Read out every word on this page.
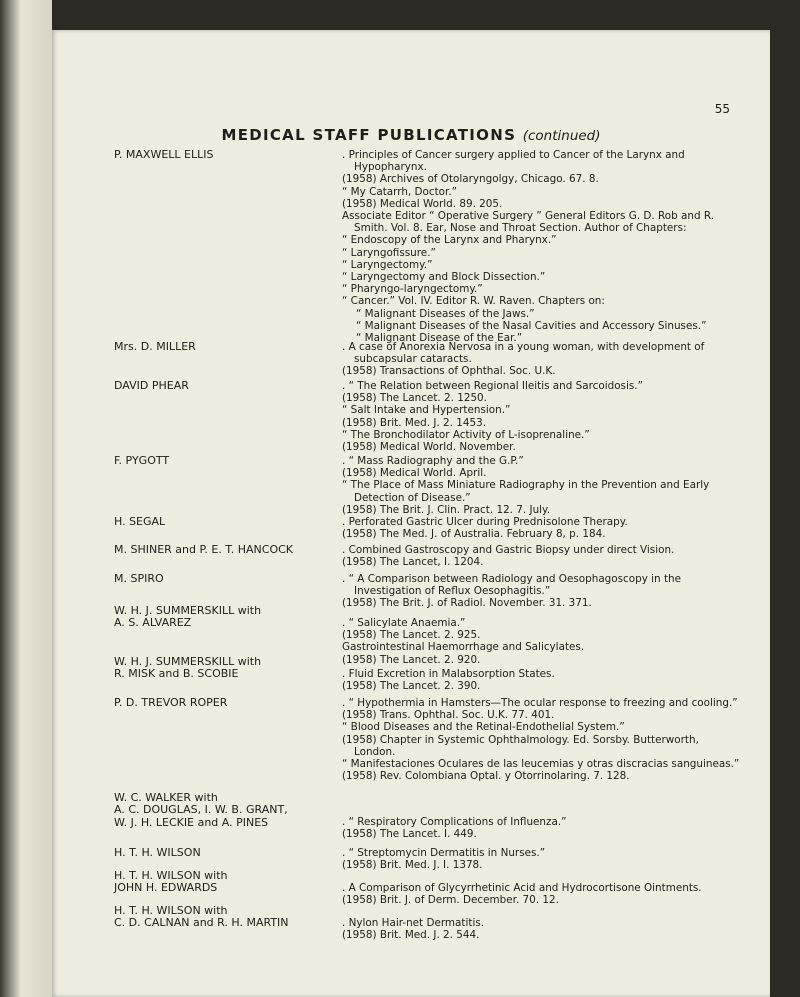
55
MEDICAL STAFF PUBLICATIONS (continued)
P. MAXWELL ELLIS	. Principles of Cancer surgery applied to Cancer of the Larynx and Hypopharynx.
(1958) Archives of Otolaryngolgy, Chicago. 67. 8.
“ My Catarrh, Doctor.”
(1958) Medical World. 89. 205.
Associate Editor “ Operative Surgery ” General Editors G. D. Rob and R. Smith. Vol. 8. Ear, Nose and Throat Section. Author of Chapters:
“ Endoscopy of the Larynx and Pharynx.”
“ Laryngofissure.”
“ Laryngectomy.”
“ Laryngectomy and Block Dissection.”
“ Pharyngo-laryngectomy.”
“ Cancer.” Vol. IV. Editor R. W. Raven. Chapters on:
“ Malignant Diseases of the Jaws.”
“ Malignant Diseases of the Nasal Cavities and Accessory Sinuses.”
“ Malignant Disease of the Ear.”
Mrs. D. MILLER	. A case of Anorexia Nervosa in a young woman, with development of subcapsular cataracts.
(1958) Transactions of Ophthal. Soc. U.K.
DAVID PHEAR	. “ The Relation between Regional Ileitis and Sarcoidosis.”
(1958) The Lancet. 2. 1250.
“ Salt Intake and Hypertension.”
(1958) Brit. Med. J. 2. 1453.
“ The Bronchodilator Activity of L-isoprenaline.”
(1958) Medical World. November.
F. PYGOTT	. “ Mass Radiography and the G.P.”
(1958) Medical World. April.
“ The Place of Mass Miniature Radiography in the Prevention and Early Detection of Disease.”
(1958) The Brit. J. Clin. Pract. 12. 7. July.
H. SEGAL	. Perforated Gastric Ulcer during Prednisolone Therapy.
(1958) The Med. J. of Australia. February 8, p. 184.
M. SHINER and P. E. T. HANCOCK	. Combined Gastroscopy and Gastric Biopsy under direct Vision.
(1958) The Lancet, I. 1204.
M. SPIRO	. “ A Comparison between Radiology and Oesophagoscopy in the Investigation of Reflux Oesophagitis.”
(1958) The Brit. J. of Radiol. November. 31. 371.
W. H. J. SUMMERSKILL with
A. S. ALVAREZ	. “ Salicylate Anaemia.”
(1958) The Lancet. 2. 925.
Gastrointestinal Haemorrhage and Salicylates.
(1958) The Lancet. 2. 920.
W. H. J. SUMMERSKILL with
R. MISK and B. SCOBIE	. Fluid Excretion in Malabsorption States.
(1958) The Lancet. 2. 390.
P. D. TREVOR ROPER	. “ Hypothermia in Hamsters—The ocular response to freezing and cooling.”
(1958) Trans. Ophthal. Soc. U.K. 77. 401.
“ Blood Diseases and the Retinal-Endothelial System.”
(1958) Chapter in Systemic Ophthalmology. Ed. Sorsby. Butterworth, London.
“ Manifestaciones Oculares de las leucemias y otras discracias sanguineas.”
(1958) Rev. Colombiana Optal. y Otorrinolaring. 7. 128.
W. C. WALKER with
A. C. DOUGLAS, I. W. B. GRANT,
W. J. H. LECKIE and A. PINES	. “ Respiratory Complications of Influenza.”
(1958) The Lancet. I. 449.
H. T. H. WILSON	. “ Streptomycin Dermatitis in Nurses.”
(1958) Brit. Med. J. I. 1378.
H. T. H. WILSON with
JOHN H. EDWARDS	. A Comparison of Glycyrrhetinic Acid and Hydrocortisone Ointments.
(1958) Brit. J. of Derm. December. 70. 12.
H. T. H. WILSON with
C. D. CALNAN and R. H. MARTIN	. Nylon Hair-net Dermatitis.
(1958) Brit. Med. J. 2. 544.
